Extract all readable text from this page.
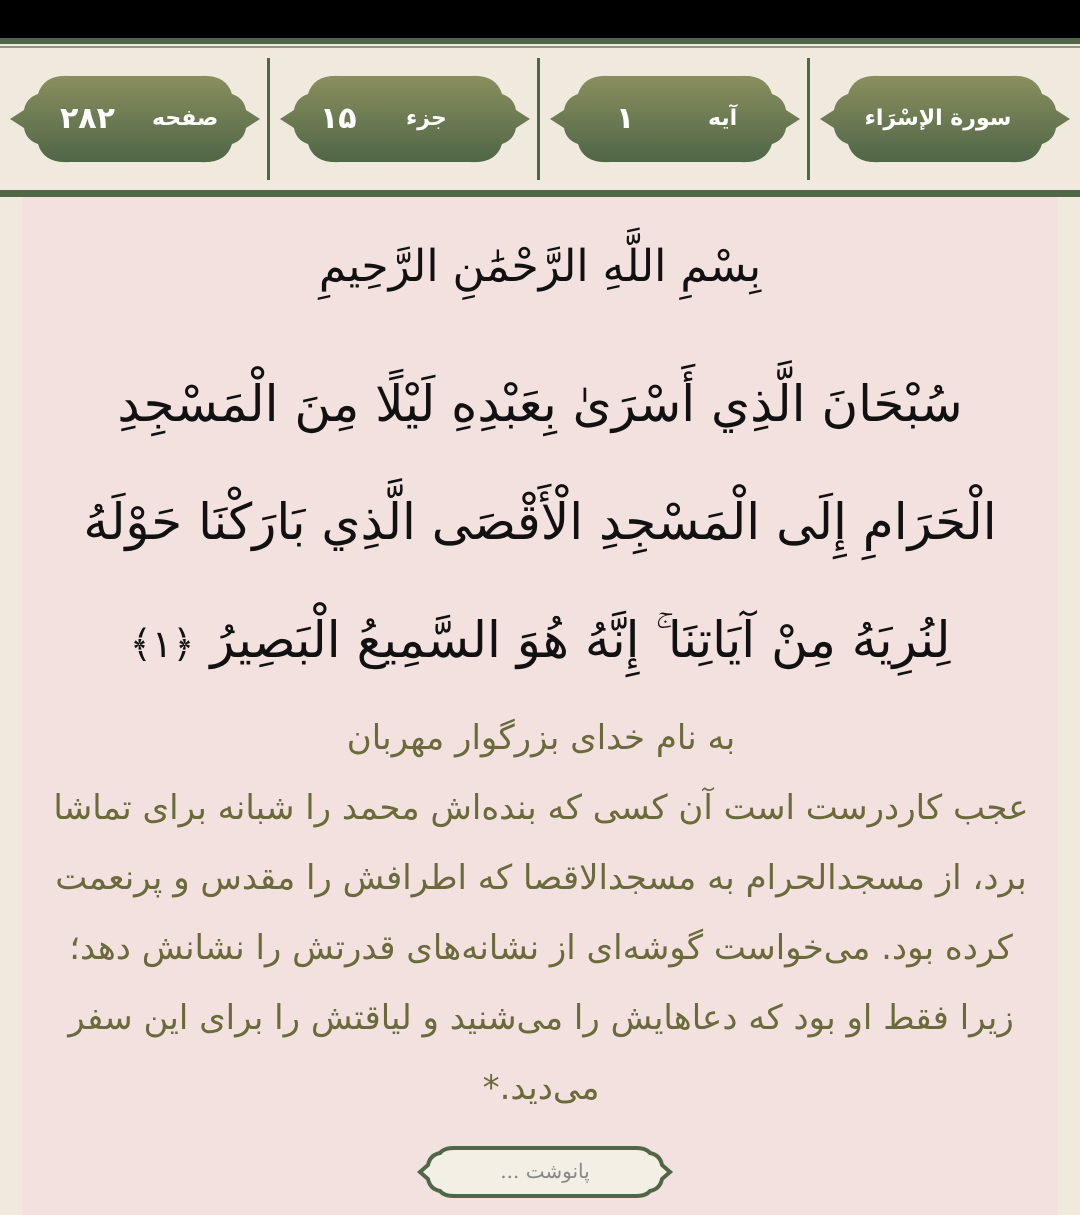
۲۸۲ صفحه	۱۵ جزء	۱	آیه	سورة الإسْرَاء
بِسْمِ اللَّهِ الرَّحْمَٰنِ الرَّحِيمِ
سُبْحَانَ الَّذِي أَسْرَىٰ بِعَبْدِهِ لَيْلًا مِنَ الْمَسْجِدِ الْحَرَامِ إِلَى الْمَسْجِدِ الْأَقْصَى الَّذِي بَارَكْنَا حَوْلَهُ لِنُرِيَهُ مِنْ آيَاتِنَا ۚ إِنَّهُ هُوَ السَّمِيعُ الْبَصِيرُ ﴿١﴾
به نام خدای بزرگوار مهربان
عجب کاردرست است آن کسی که بنده‌اش محمد را شبانه برای تماشا برد، از مسجدالحرام به مسجدالاقصا که اطرافش را مقدس و پرنعمت کرده بود. می‌خواست گوشه‌ای از نشانه‌های قدرتش را نشانش دهد؛ زیرا فقط او بود که دعاهایش را می‌شنید و لیاقتش را برای این سفر می‌دید.*
پانوشت ...
